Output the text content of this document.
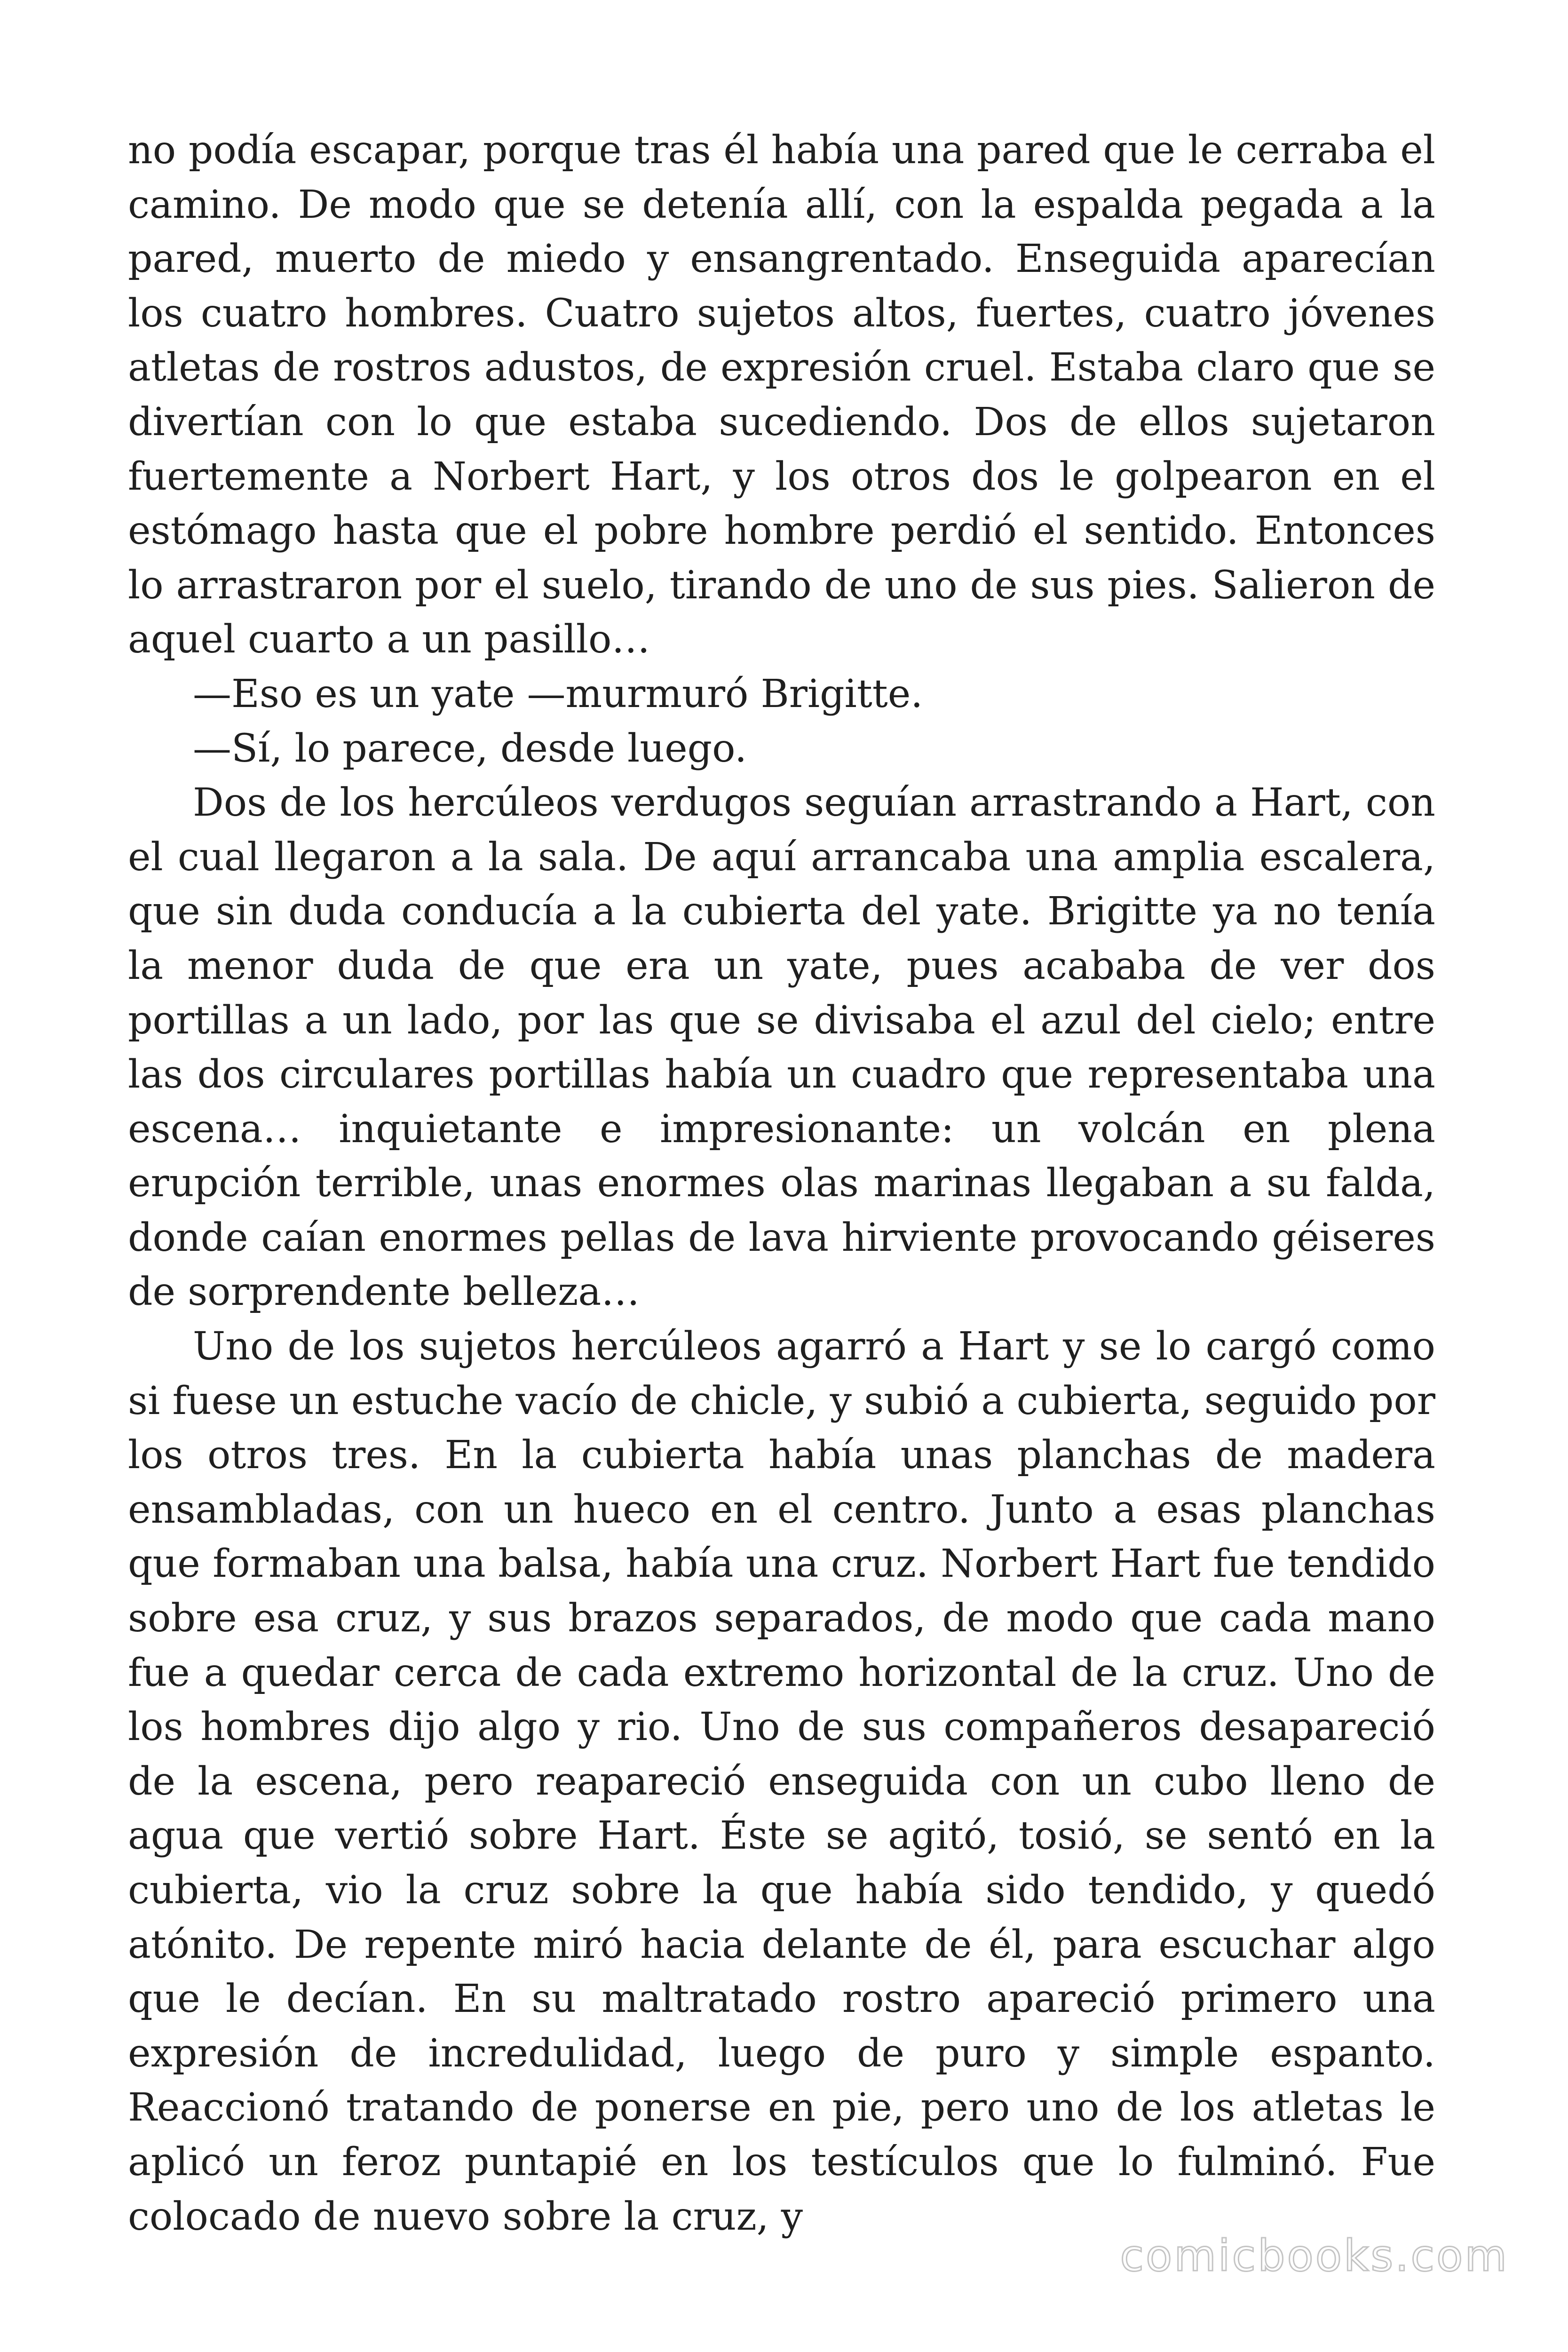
no podía escapar, porque tras él había una pared que le cerraba el camino. De modo que se detenía allí, con la espalda pegada a la pared, muerto de miedo y ensangrentado. Enseguida aparecían los cuatro hombres. Cuatro sujetos altos, fuertes, cuatro jóvenes atletas de rostros adustos, de expresión cruel. Estaba claro que se divertían con lo que estaba sucediendo. Dos de ellos sujetaron fuertemente a Norbert Hart, y los otros dos le golpearon en el estómago hasta que el pobre hombre perdió el sentido. Entonces lo arrastraron por el suelo, tirando de uno de sus pies. Salieron de aquel cuarto a un pasillo…

—Eso es un yate —murmuró Brigitte.

—Sí, lo parece, desde luego.

Dos de los hercúleos verdugos seguían arrastrando a Hart, con el cual llegaron a la sala. De aquí arrancaba una amplia escalera, que sin duda conducía a la cubierta del yate. Brigitte ya no tenía la menor duda de que era un yate, pues acababa de ver dos portillas a un lado, por las que se divisaba el azul del cielo; entre las dos circulares portillas había un cuadro que representaba una escena… inquietante e impresionante: un volcán en plena erupción terrible, unas enormes olas marinas llegaban a su falda, donde caían enormes pellas de lava hirviente provocando géiseres de sorprendente belleza…

Uno de los sujetos hercúleos agarró a Hart y se lo cargó como si fuese un estuche vacío de chicle, y subió a cubierta, seguido por los otros tres. En la cubierta había unas planchas de madera ensambladas, con un hueco en el centro. Junto a esas planchas que formaban una balsa, había una cruz. Norbert Hart fue tendido sobre esa cruz, y sus brazos separados, de modo que cada mano fue a quedar cerca de cada extremo horizontal de la cruz. Uno de los hombres dijo algo y rio. Uno de sus compañeros desapareció de la escena, pero reapareció enseguida con un cubo lleno de agua que vertió sobre Hart. Éste se agitó, tosió, se sentó en la cubierta, vio la cruz sobre la que había sido tendido, y quedó atónito. De repente miró hacia delante de él, para escuchar algo que le decían. En su maltratado rostro apareció primero una expresión de incredulidad, luego de puro y simple espanto. Reaccionó tratando de ponerse en pie, pero uno de los atletas le aplicó un feroz puntapié en los testículos que lo fulminó. Fue colocado de nuevo sobre la cruz, y

comicbooks.com
